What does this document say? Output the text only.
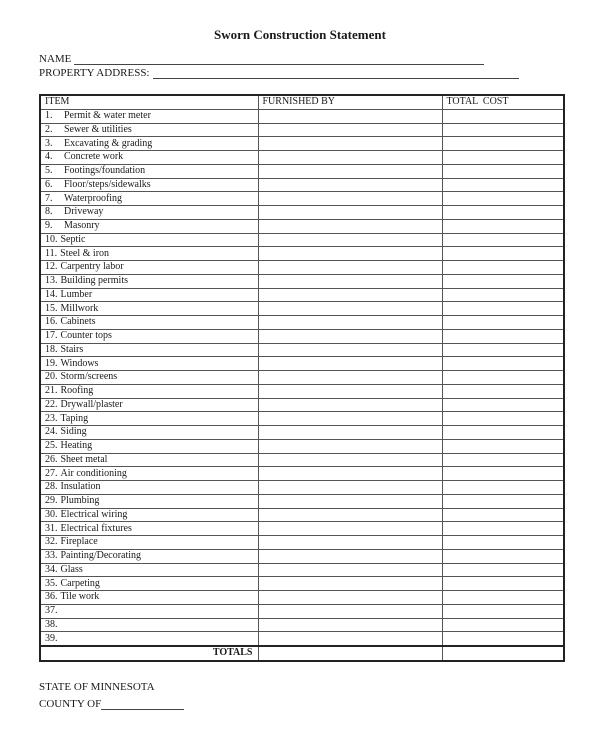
Sworn Construction Statement
NAME
PROPERTY ADDRESS:
ITEM	FURNISHED BY	TOTAL  COST
1. Permit & water meter		
2. Sewer & utilities		
3. Excavating & grading		
4. Concrete work		
5. Footings/foundation		
6. Floor/steps/sidewalks		
7. Waterproofing		
8. Driveway		
9. Masonry		
10. Septic		
11. Steel & iron		
12. Carpentry labor		
13. Building permits		
14. Lumber		
15. Millwork		
16. Cabinets		
17. Counter tops		
18. Stairs		
19. Windows		
20. Storm/screens		
21. Roofing		
22. Drywall/plaster		
23. Taping		
24. Siding		
25. Heating		
26. Sheet metal		
27. Air conditioning		
28. Insulation		
29. Plumbing		
30. Electrical wiring		
31. Electrical fixtures		
32. Fireplace		
33. Painting/Decorating		
34. Glass		
35. Carpeting		
36. Tile work		
37.		
38.		
39.		
TOTALS		
STATE OF MINNESOTA
COUNTY OF
